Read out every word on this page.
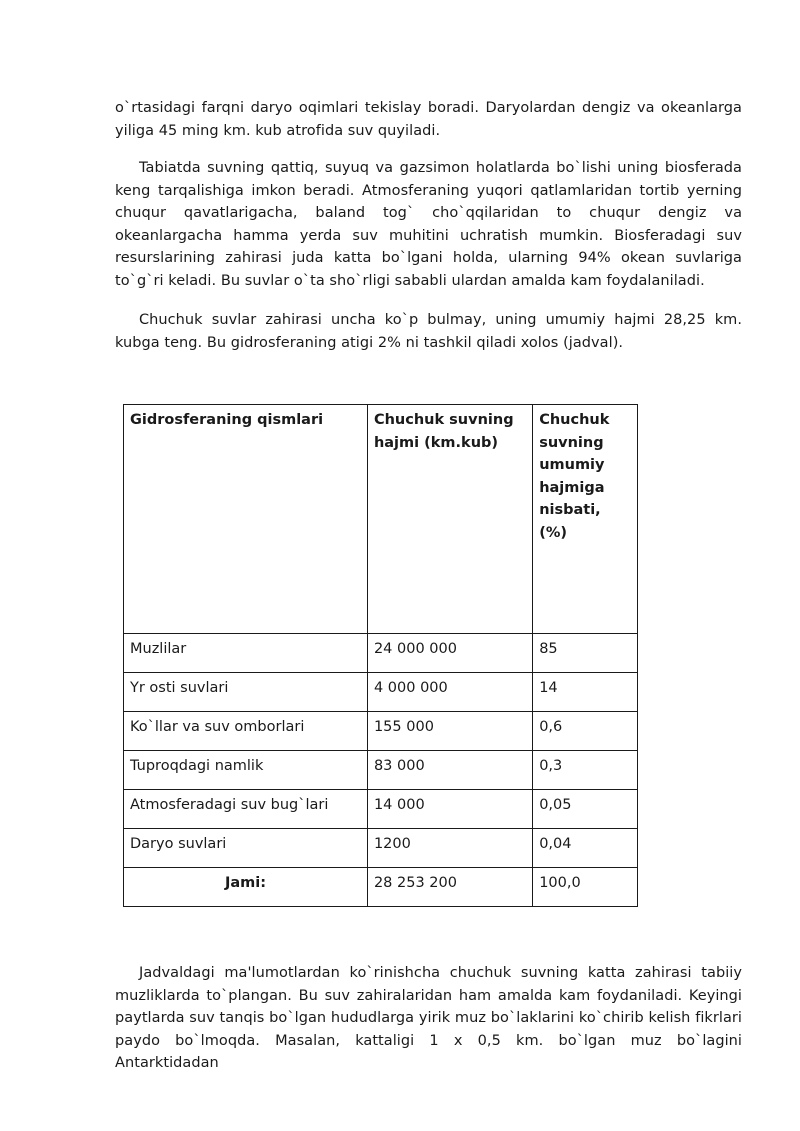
o`rtasidagi farqni daryo oqimlari tekislay boradi. Daryolardan dengiz va okeanlarga yiliga 45 ming km. kub atrofida suv quyiladi.

Tabiatda suvning qattiq, suyuq va gazsimon holatlarda bo`lishi uning biosferada keng tarqalishiga imkon beradi. Atmosferaning yuqori qatlamlaridan tortib yerning chuqur qavatlarigacha, baland tog` cho`qqilaridan to chuqur dengiz va okeanlargacha hamma yerda suv muhitini uchratish mumkin. Biosferadagi suv resurslarining zahirasi juda katta bo`lgani holda, ularning 94% okean suvlariga to`g`ri keladi. Bu suvlar o`ta sho`rligi sababli ulardan amalda kam foydalaniladi.

Chuchuk suvlar zahirasi uncha ko`p bulmay, uning umumiy hajmi 28,25 km. kubga teng. Bu gidrosferaning atigi 2% ni tashkil qiladi xolos (jadval).

Gidrosferaning qismlari	Chuchuk suvning hajmi (km.kub)	Chuchuk suvning umumiy hajmiga nisbati, (%)
Muzlilar	24 000 000	85
Yr osti suvlari	4 000 000	14
Ko`llar va suv omborlari	155 000	0,6
Tuproqdagi namlik	83 000	0,3
Atmosferadagi suv bug`lari	14 000	0,05
Daryo suvlari	1200	0,04
Jami:	28 253 200	100,0

Jadvaldagi ma'lumotlardan ko`rinishcha chuchuk suvning katta zahirasi tabiiy muzliklarda to`plangan. Bu suv zahiralaridan ham amalda kam foydaniladi. Keyingi paytlarda suv tanqis bo`lgan hududlarga yirik muz bo`laklarini ko`chirib kelish fikrlari paydo bo`lmoqda. Masalan, kattaligi 1 x 0,5 km. bo`lgan muz bo`lagini Antarktidadan
